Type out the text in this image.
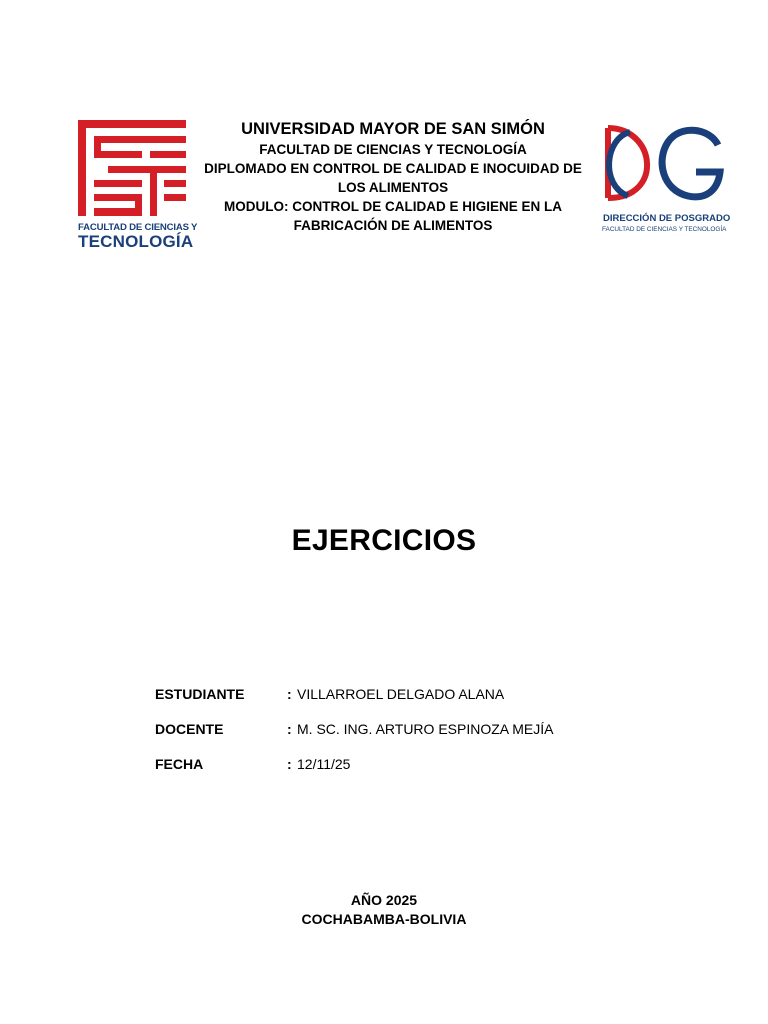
FACULTAD DE CIENCIAS Y
TECNOLOGÍA
UNIVERSIDAD MAYOR DE SAN SIMÓN
FACULTAD DE CIENCIAS Y TECNOLOGÍA
DIPLOMADO EN CONTROL DE CALIDAD E INOCUIDAD DE
LOS ALIMENTOS
MODULO: CONTROL DE CALIDAD E HIGIENE EN LA
FABRICACIÓN DE ALIMENTOS	DIRECCIÓN DE POSGRADO
FACULTAD DE CIENCIAS Y TECNOLOGÍA
EJERCICIOS
ESTUDIANTE	: VILLARROEL DELGADO ALANA
DOCENTE	: M. SC. ING. ARTURO ESPINOZA MEJÍA
FECHA	: 12/11/25
AÑO 2025
COCHABAMBA-BOLIVIA
